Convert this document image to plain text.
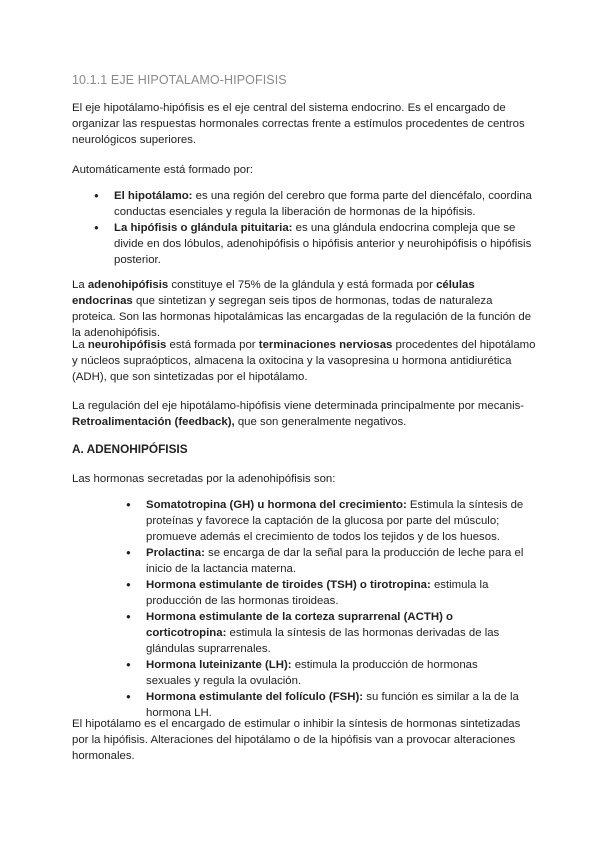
10.1.1 EJE HIPOTALAMO-HIPOFISIS

El eje hipotálamo-hipófisis es el eje central del sistema endocrino. Es el encargado de organizar las respuestas hormonales correctas frente a estímulos procedentes de centros neurológicos superiores.

Automáticamente está formado por:

● El hipotálamo: es una región del cerebro que forma parte del diencéfalo, coordina conductas esenciales y regula la liberación de hormonas de la hipófisis.
● La hipófisis o glándula pituitaria: es una glándula endocrina compleja que se divide en dos lóbulos, adenohipófisis o hipófisis anterior y neurohipófisis o hipófisis posterior.

La adenohipófisis constituye el 75% de la glándula y está formada por células endocrinas que sintetizan y segregan seis tipos de hormonas, todas de naturaleza proteica. Son las hormonas hipotalámicas las encargadas de la regulación de la función de la adenohipófisis.

La neurohipófisis está formada por terminaciones nerviosas procedentes del hipotálamo y núcleos supraópticos, almacena la oxitocina y la vasopresina u hormona antidiurética (ADH), que son sintetizadas por el hipotálamo.

La regulación del eje hipotálamo-hipófisis viene determinada principalmente por mecanis-
Retroalimentación (feedback), que son generalmente negativos.

A. ADENOHIPÓFISIS

Las hormonas secretadas por la adenohipófisis son:

● Somatotropina (GH) u hormona del crecimiento: Estimula la síntesis de proteínas y favorece la captación de la glucosa por parte del músculo; promueve además el crecimiento de todos los tejidos y de los huesos.
● Prolactina: se encarga de dar la señal para la producción de leche para el inicio de la lactancia materna.
● Hormona estimulante de tiroides (TSH) o tirotropina: estimula la producción de las hormonas tiroideas.
● Hormona estimulante de la corteza suprarrenal (ACTH) o corticotropina: estimula la síntesis de las hormonas derivadas de las glándulas suprarrenales.
● Hormona luteinizante (LH): estimula la producción de hormonas sexuales y regula la ovulación.
● Hormona estimulante del folículo (FSH): su función es similar a la de la hormona LH.

El hipotálamo es el encargado de estimular o inhibir la síntesis de hormonas sintetizadas por la hipófisis. Alteraciones del hipotálamo o de la hipófisis van a provocar alteraciones hormonales.
